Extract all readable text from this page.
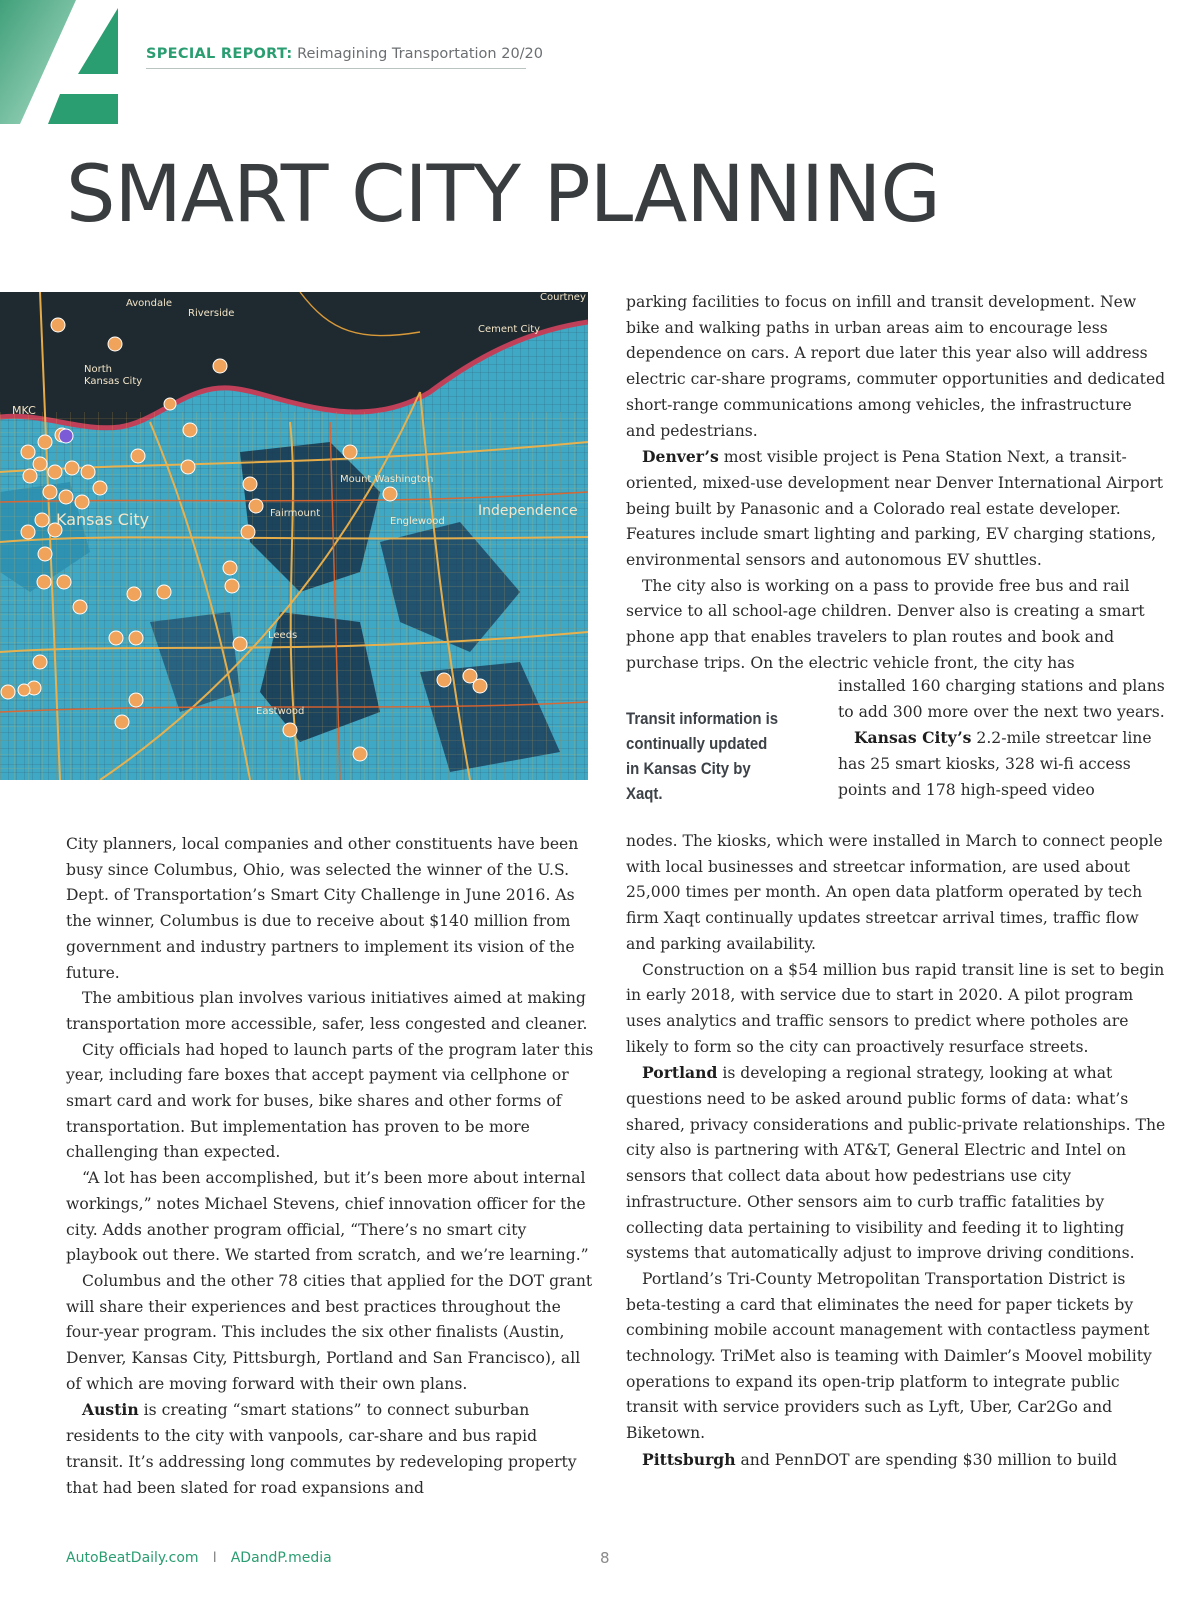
SPECIAL REPORT: Reimagining Transportation 20/20
SMART CITY PLANNING
Avondale
Riverside
Courtney
North
Kansas City
Cement City
MKC
Mount Washington
Fairmount
Englewood
Leeds
Eastwood
Kansas City	Independence
Transit information is continually updated in Kansas City by Xaqt.

City planners, local companies and other constituents have been busy since Columbus, Ohio, was selected the winner of the U.S. Dept. of Transportation’s Smart City Challenge in June 2016. As the winner, Columbus is due to receive about $140 million from government and industry partners to implement its vision of the future.

The ambitious plan involves various initiatives aimed at making transportation more accessible, safer, less congested and cleaner.

City officials had hoped to launch parts of the program later this year, including fare boxes that accept payment via cellphone or smart card and work for buses, bike shares and other forms of transportation. But implementation has proven to be more challenging than expected.

“A lot has been accomplished, but it’s been more about internal workings,” notes Michael Stevens, chief innovation officer for the city. Adds another program official, “There’s no smart city playbook out there. We started from scratch, and we’re learning.”

Columbus and the other 78 cities that applied for the DOT grant will share their experiences and best practices throughout the four-year program. This includes the six other finalists (Austin, Denver, Kansas City, Pittsburgh, Portland and San Francisco), all of which are moving forward with their own plans.

Austin is creating “smart stations” to connect suburban residents to the city with vanpools, car-share and bus rapid transit. It’s addressing long commutes by redeveloping property that had been slated for road expansions and

parking facilities to focus on infill and transit development. New bike and walking paths in urban areas aim to encourage less dependence on cars. A report due later this year also will address electric car-share programs, commuter opportunities and dedicated short-range communications among vehicles, the infrastructure and pedestrians.

Denver’s most visible project is Pena Station Next, a transit-oriented, mixed-use development near Denver International Airport being built by Panasonic and a Colorado real estate developer. Features include smart lighting and parking, EV charging stations, environmental sensors and autonomous EV shuttles.

The city also is working on a pass to provide free bus and rail service to all school-age children. Denver also is creating a smart phone app that enables travelers to plan routes and book and purchase trips. On the electric vehicle front, the city has

installed 160 charging stations and plans to add 300 more over the next two years.

Kansas City’s 2.2-mile streetcar line has 25 smart kiosks, 328 wi-fi access points and 178 high-speed video

nodes. The kiosks, which were installed in March to connect people with local businesses and streetcar information, are used about 25,000 times per month. An open data platform operated by tech firm Xaqt continually updates streetcar arrival times, traffic flow and parking availability.

Construction on a $54 million bus rapid transit line is set to begin in early 2018, with service due to start in 2020. A pilot program uses analytics and traffic sensors to predict where potholes are likely to form so the city can proactively resurface streets.

Portland is developing a regional strategy, looking at what questions need to be asked around public forms of data: what’s shared, privacy considerations and public-private relationships. The city also is partnering with AT&T, General Electric and Intel on sensors that collect data about how pedestrians use city infrastructure. Other sensors aim to curb traffic fatalities by collecting data pertaining to visibility and feeding it to lighting systems that automatically adjust to improve driving conditions.

Portland’s Tri-County Metropolitan Transportation District is beta-testing a card that eliminates the need for paper tickets by combining mobile account management with contactless payment technology. TriMet also is teaming with Daimler’s Moovel mobility operations to expand its open-trip platform to integrate public transit with service providers such as Lyft, Uber, Car2Go and Biketown.

Pittsburgh and PennDOT are spending $30 million to build

AutoBeatDaily.com I ADandP.media	8
